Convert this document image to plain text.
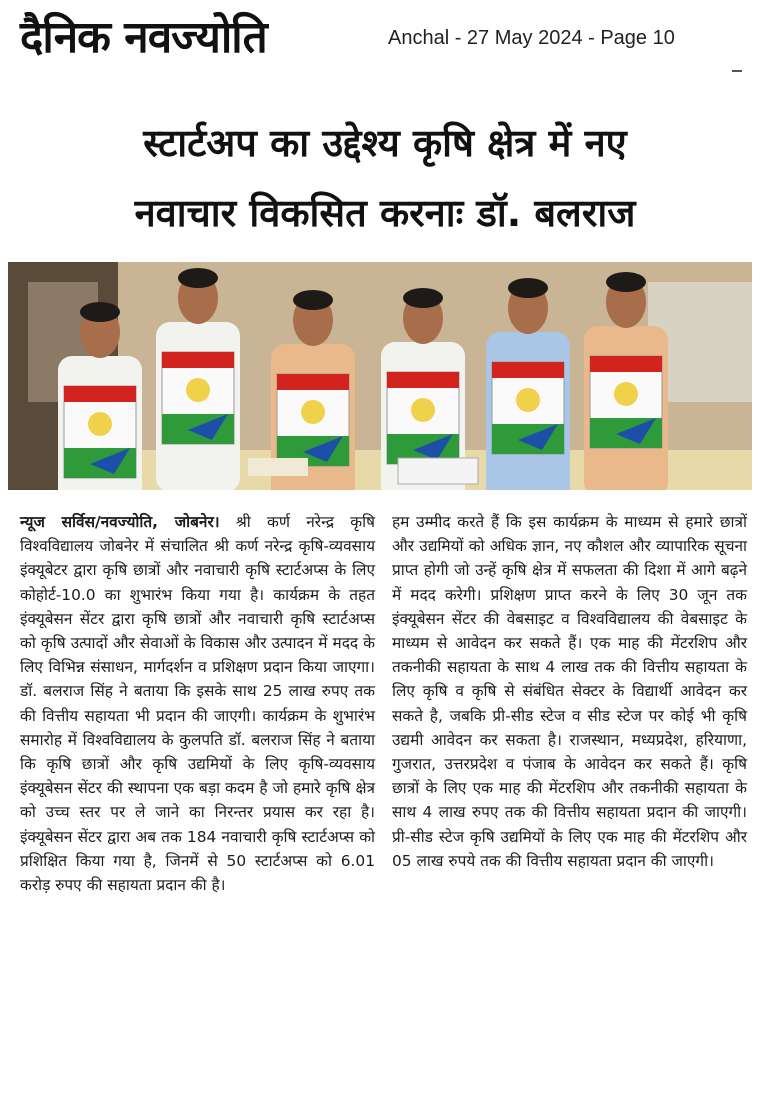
दैनिक नवज्योति	Anchal - 27 May 2024 - Page 10
स्टार्टअप का उद्देश्य कृषि क्षेत्र में नए
नवाचार विकसित करनाः डॉ. बलराज
न्यूज सर्विस/नवज्योति, जोबनेर। श्री कर्ण नरेन्द्र कृषि विश्वविद्यालय जोबनेर में संचालित श्री कर्ण नरेन्द्र कृषि-व्यवसाय इंक्यूबेटर द्वारा कृषि छात्रों और नवाचारी कृषि स्टार्टअप्स के लिए कोहोर्ट-10.0 का शुभारंभ किया गया है। कार्यक्रम के तहत इंक्यूबेसन सेंटर द्वारा कृषि छात्रों और नवाचारी कृषि स्टार्टअप्स को कृषि उत्पादों और सेवाओं के विकास और उत्पादन में मदद के लिए विभिन्न संसाधन, मार्गदर्शन व प्रशिक्षण प्रदान किया जाएगा। डॉ. बलराज सिंह ने बताया कि इसके साथ 25 लाख रुपए तक की वित्तीय सहायता भी प्रदान की जाएगी। कार्यक्रम के शुभारंभ समारोह में विश्वविद्यालय के कुलपति डॉ. बलराज सिंह ने बताया कि कृषि छात्रों और कृषि उद्यमियों के लिए कृषि-व्यवसाय इंक्यूबेसन सेंटर की स्थापना एक बड़ा कदम है जो हमारे कृषि क्षेत्र को उच्च स्तर पर ले जाने का निरन्तर प्रयास कर रहा है। इंक्यूबेसन सेंटर द्वारा अब तक 184 नवाचारी कृषि स्टार्टअप्स को प्रशिक्षित किया गया है, जिनमें से 50 स्टार्टअप्स को 6.01 करोड़ रुपए की सहायता प्रदान की है।
हम उम्मीद करते हैं कि इस कार्यक्रम के माध्यम से हमारे छात्रों और उद्यमियों को अधिक ज्ञान, नए कौशल और व्यापारिक सूचना प्राप्त होगी जो उन्हें कृषि क्षेत्र में सफलता की दिशा में आगे बढ़ने में मदद करेगी। प्रशिक्षण प्राप्त करने के लिए 30 जून तक इंक्यूबेसन सेंटर की वेबसाइट व विश्वविद्यालय की वेबसाइट के माध्यम से आवेदन कर सकते हैं। एक माह की मेंटरशिप और तकनीकी सहायता के साथ 4 लाख तक की वित्तीय सहायता के लिए कृषि व कृषि से संबंधित सेक्टर के विद्यार्थी आवेदन कर सकते है, जबकि प्री-सीड स्टेज व सीड स्टेज पर कोई भी कृषि उद्यमी आवेदन कर सकता है। राजस्थान, मध्यप्रदेश, हरियाणा, गुजरात, उत्तरप्रदेश व पंजाब के आवेदन कर सकते हैं। कृषि छात्रों के लिए एक माह की मेंटरशिप और तकनीकी सहायता के साथ 4 लाख रुपए तक की वित्तीय सहायता प्रदान की जाएगी। प्री-सीड स्टेज कृषि उद्यमियों के लिए एक माह की मेंटरशिप और 05 लाख रुपये तक की वित्तीय सहायता प्रदान की जाएगी।
